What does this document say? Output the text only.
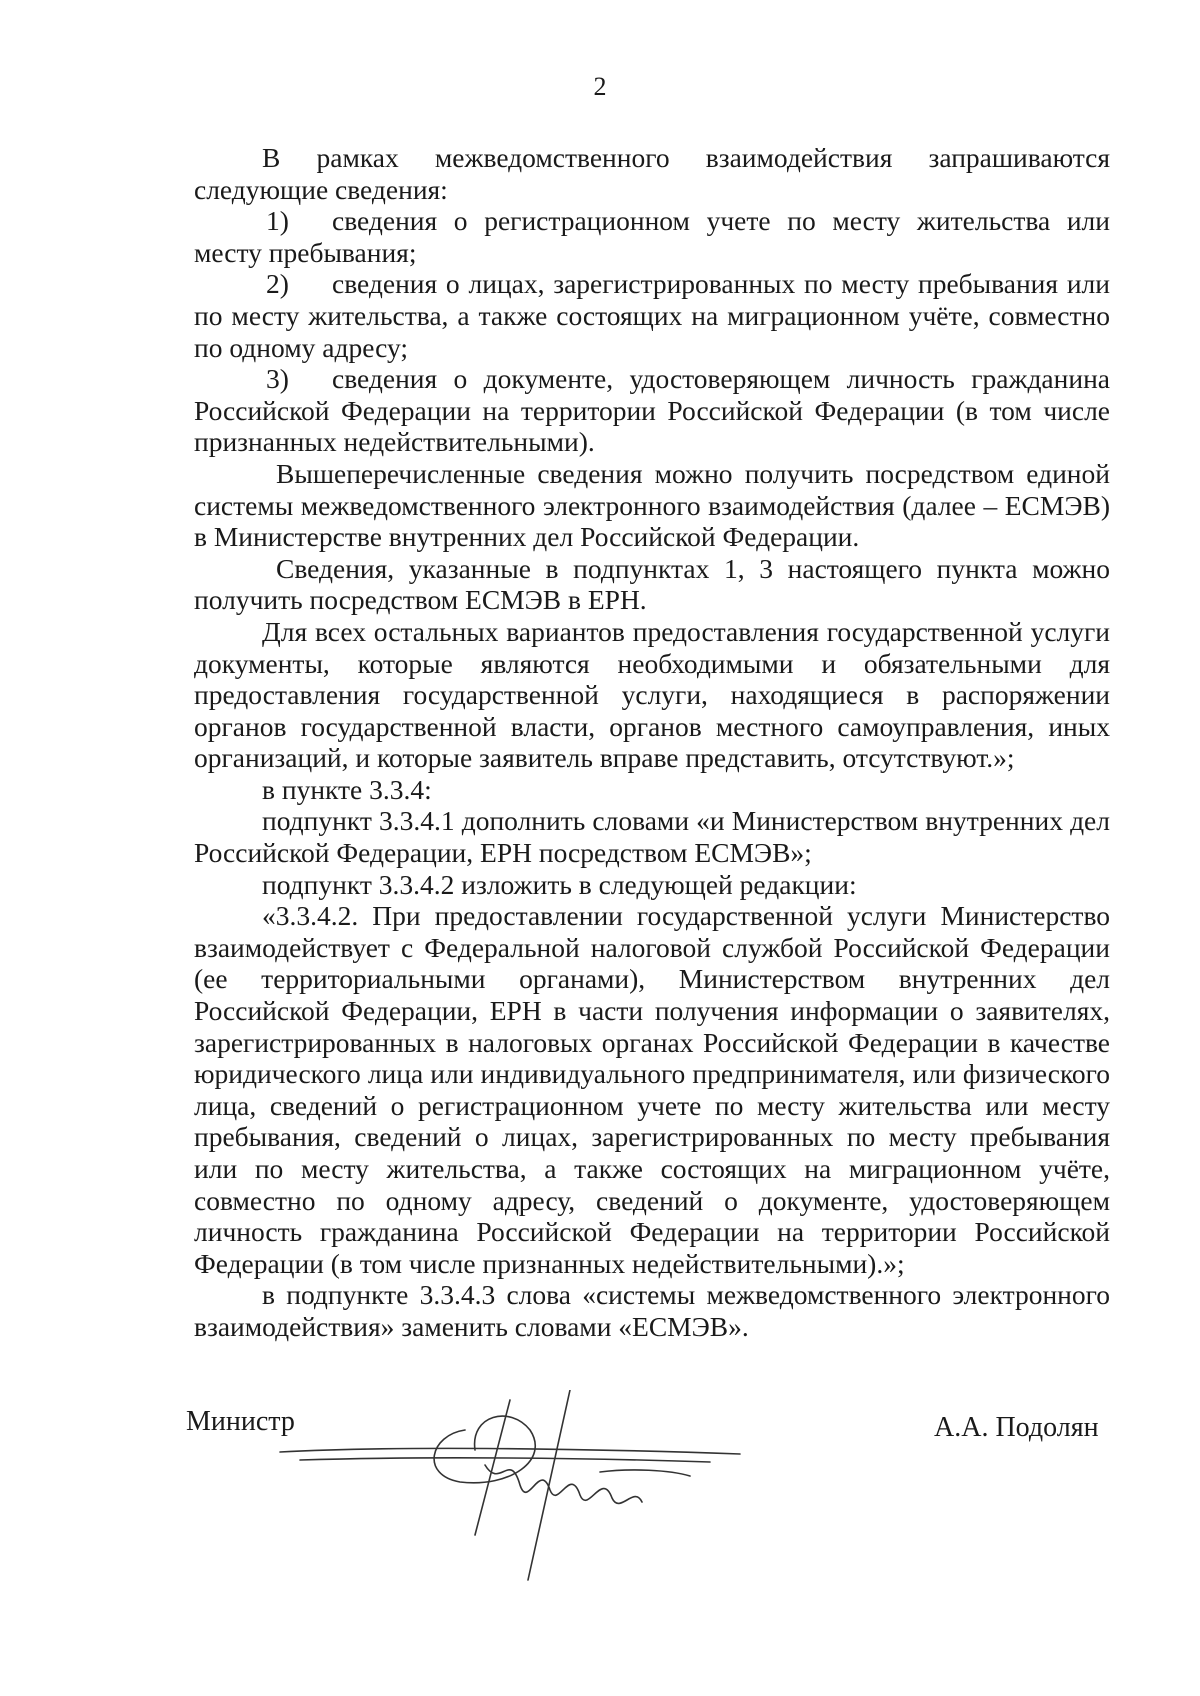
2

В рамках межведомственного взаимодействия запрашиваются следующие сведения:

1) сведения о регистрационном учете по месту жительства или месту пребывания;

2) сведения о лицах, зарегистрированных по месту пребывания или по месту жительства, а также состоящих на миграционном учёте, совместно по одному адресу;

3) сведения о документе, удостоверяющем личность гражданина Российской Федерации на территории Российской Федерации (в том числе признанных недействительными).

Вышеперечисленные сведения можно получить посредством единой системы межведомственного электронного взаимодействия (далее – ЕСМЭВ) в Министерстве внутренних дел Российской Федерации.

Сведения, указанные в подпунктах 1, 3 настоящего пункта можно получить посредством ЕСМЭВ в ЕРН.

Для всех остальных вариантов предоставления государственной услуги документы, которые являются необходимыми и обязательными для предоставления государственной услуги, находящиеся в распоряжении органов государственной власти, органов местного самоуправления, иных организаций, и которые заявитель вправе представить, отсутствуют.»;

в пункте 3.3.4:

подпункт 3.3.4.1 дополнить словами «и Министерством внутренних дел Российской Федерации, ЕРН посредством ЕСМЭВ»;

подпункт 3.3.4.2 изложить в следующей редакции:

«3.3.4.2. При предоставлении государственной услуги Министерство взаимодействует с Федеральной налоговой службой Российской Федерации (ее территориальными органами), Министерством внутренних дел Российской Федерации, ЕРН в части получения информации о заявителях, зарегистрированных в налоговых органах Российской Федерации в качестве юридического лица или индивидуального предпринимателя, или физического лица, сведений о регистрационном учете по месту жительства или месту пребывания, сведений о лицах, зарегистрированных по месту пребывания или по месту жительства, а также состоящих на миграционном учёте, совместно по одному адресу, сведений о документе, удостоверяющем личность гражданина Российской Федерации на территории Российской Федерации (в том числе признанных недействительными).»;

в подпункте 3.3.4.3 слова «системы межведомственного электронного взаимодействия» заменить словами «ЕСМЭВ».

Министр	А.А. Подолян
